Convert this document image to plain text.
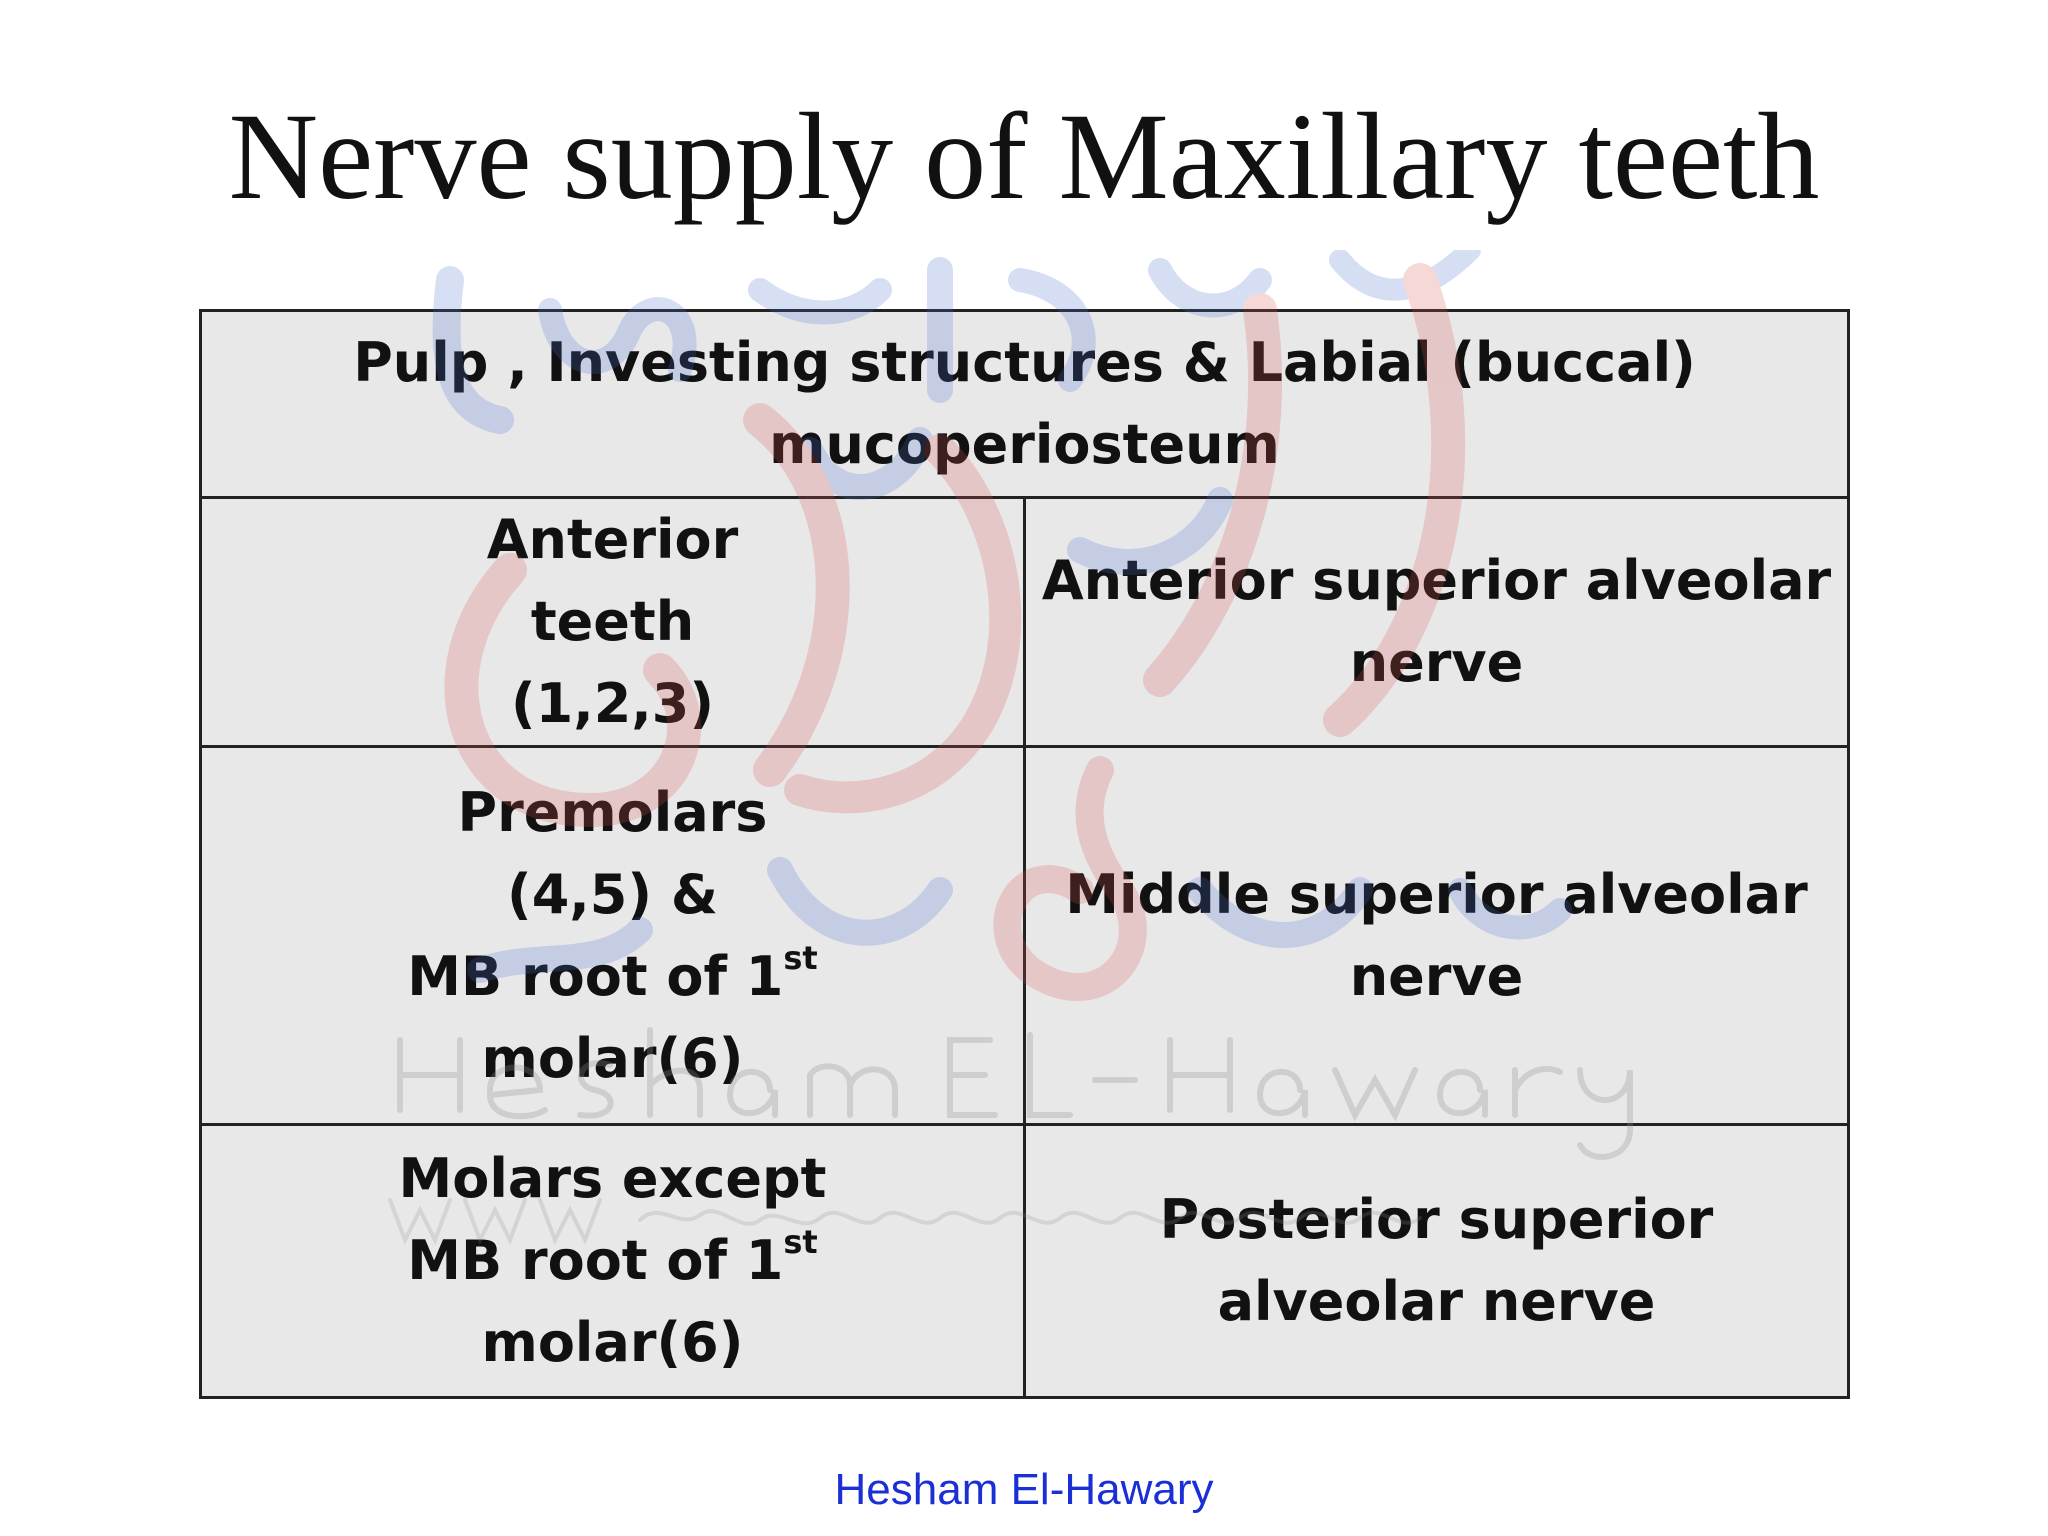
Nerve supply of Maxillary teeth
Pulp , Investing structures & Labial (buccal) mucoperiosteum	
Anterior teeth
(1,2,3)	Anterior superior alveolar nerve
Premolars
(4,5) &
MB root of 1st
molar(6)	Middle superior alveolar nerve
Molars except
MB root of 1st
molar(6)	Posterior superior alveolar nerve
Hesham El-Hawary
